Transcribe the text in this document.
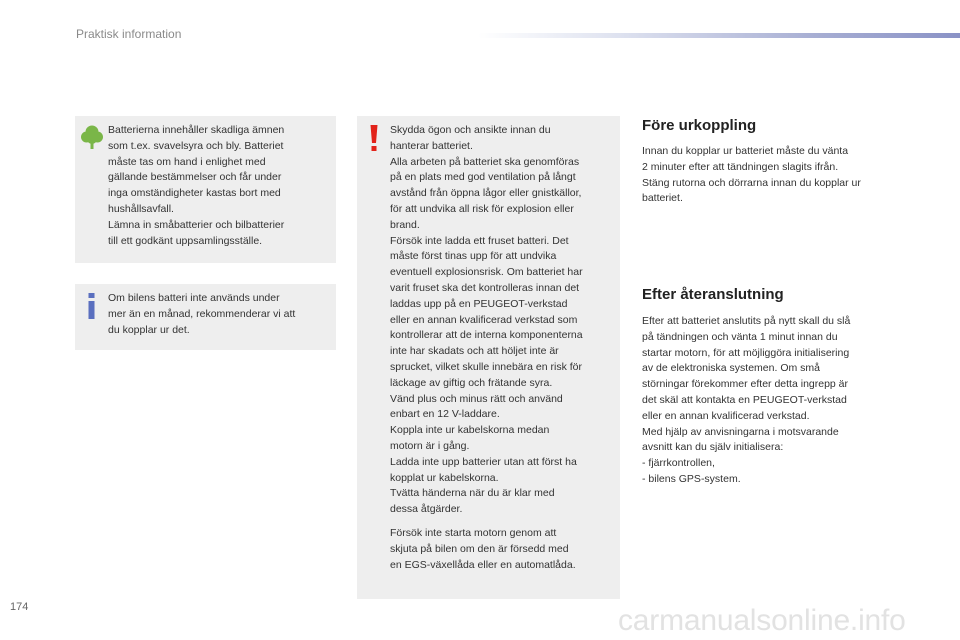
Praktisk information

Batterierna innehåller skadliga ämnen
som t.ex. svavelsyra och bly. Batteriet
måste tas om hand i enlighet med
gällande bestämmelser och får under
inga omständigheter kastas bort med
hushållsavfall.
Lämna in småbatterier och bilbatterier
till ett godkänt uppsamlingsställe.

Om bilens batteri inte används under
mer än en månad, rekommenderar vi att
du kopplar ur det.

Skydda ögon och ansikte innan du
hanterar batteriet.
Alla arbeten på batteriet ska genomföras
på en plats med god ventilation på långt
avstånd från öppna lågor eller gnistkällor,
för att undvika all risk för explosion eller
brand.
Försök inte ladda ett fruset batteri. Det
måste först tinas upp för att undvika
eventuell explosionsrisk. Om batteriet har
varit fruset ska det kontrolleras innan det
laddas upp på en PEUGEOT-verkstad
eller en annan kvalificerad verkstad som
kontrollerar att de interna komponenterna
inte har skadats och att höljet inte är
sprucket, vilket skulle innebära en risk för
läckage av giftig och frätande syra.
Vänd plus och minus rätt och använd
enbart en 12 V-laddare.
Koppla inte ur kabelskorna medan
motorn är i gång.
Ladda inte upp batterier utan att först ha
kopplat ur kabelskorna.
Tvätta händerna när du är klar med
dessa åtgärder.

Försök inte starta motorn genom att
skjuta på bilen om den är försedd med
en EGS-växellåda eller en automatlåda.

Före urkoppling

Innan du kopplar ur batteriet måste du vänta
2 minuter efter att tändningen slagits ifrån.
Stäng rutorna och dörrarna innan du kopplar ur
batteriet.

Efter återanslutning

Efter att batteriet anslutits på nytt skall du slå
på tändningen och vänta 1 minut innan du
startar motorn, för att möjliggöra initialisering
av de elektroniska systemen. Om små
störningar förekommer efter detta ingrepp är
det skäl att kontakta en PEUGEOT-verkstad
eller en annan kvalificerad verkstad.
Med hjälp av anvisningarna i motsvarande
avsnitt kan du själv initialisera:
- fjärrkontrollen,
- bilens GPS-system.

174	carmanualsonline.info
